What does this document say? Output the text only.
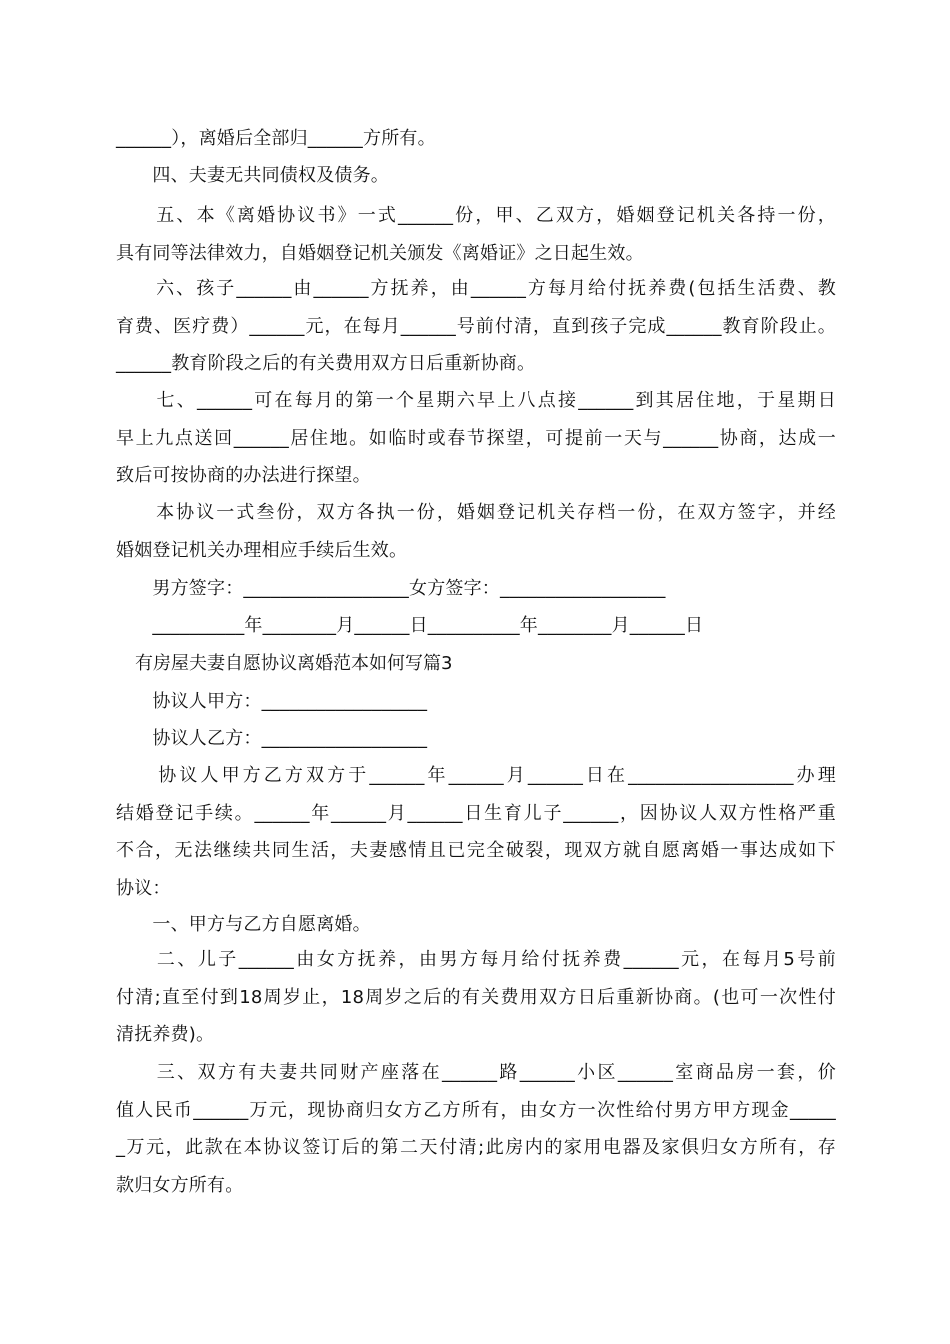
______），离婚后全部归______方所有。
　　四、夫妻无共同债权及债务。
　　五、本《离婚协议书》一式______份，甲、乙双方，婚姻登记机关各持一份，
具有同等法律效力，自婚姻登记机关颁发《离婚证》之日起生效。
　　六、孩子______由______方抚养，由______方每月给付抚养费(包括生活费、教
育费、医疗费）______元，在每月______号前付清，直到孩子完成______教育阶段止。
______教育阶段之后的有关费用双方日后重新协商。
　　七、______可在每月的第一个星期六早上八点接______到其居住地，于星期日
早上九点送回______居住地。如临时或春节探望，可提前一天与______协商，达成一
致后可按协商的办法进行探望。
　　本协议一式叁份，双方各执一份，婚姻登记机关存档一份，在双方签字，并经
婚姻登记机关办理相应手续后生效。
　　男方签字：__________________女方签字：__________________
　　__________年________月______日__________年________月______日
有房屋夫妻自愿协议离婚范本如何写篇3
　　协议人甲方：__________________
　　协议人乙方：__________________
　　协议人甲方乙方双方于______年______月______日在__________________办理
结婚登记手续。______年______月______日生育儿子______，因协议人双方性格严重
不合，无法继续共同生活，夫妻感情且已完全破裂，现双方就自愿离婚一事达成如下
协议：
　　一、甲方与乙方自愿离婚。
　　二、儿子______由女方抚养，由男方每月给付抚养费______元，在每月5号前
付清;直至付到18周岁止，18周岁之后的有关费用双方日后重新协商。(也可一次性付
清抚养费)。
　　三、双方有夫妻共同财产座落在______路______小区______室商品房一套，价
值人民币______万元，现协商归女方乙方所有，由女方一次性给付男方甲方现金_____
_万元，此款在本协议签订后的第二天付清;此房内的家用电器及家俱归女方所有，存
款归女方所有。
